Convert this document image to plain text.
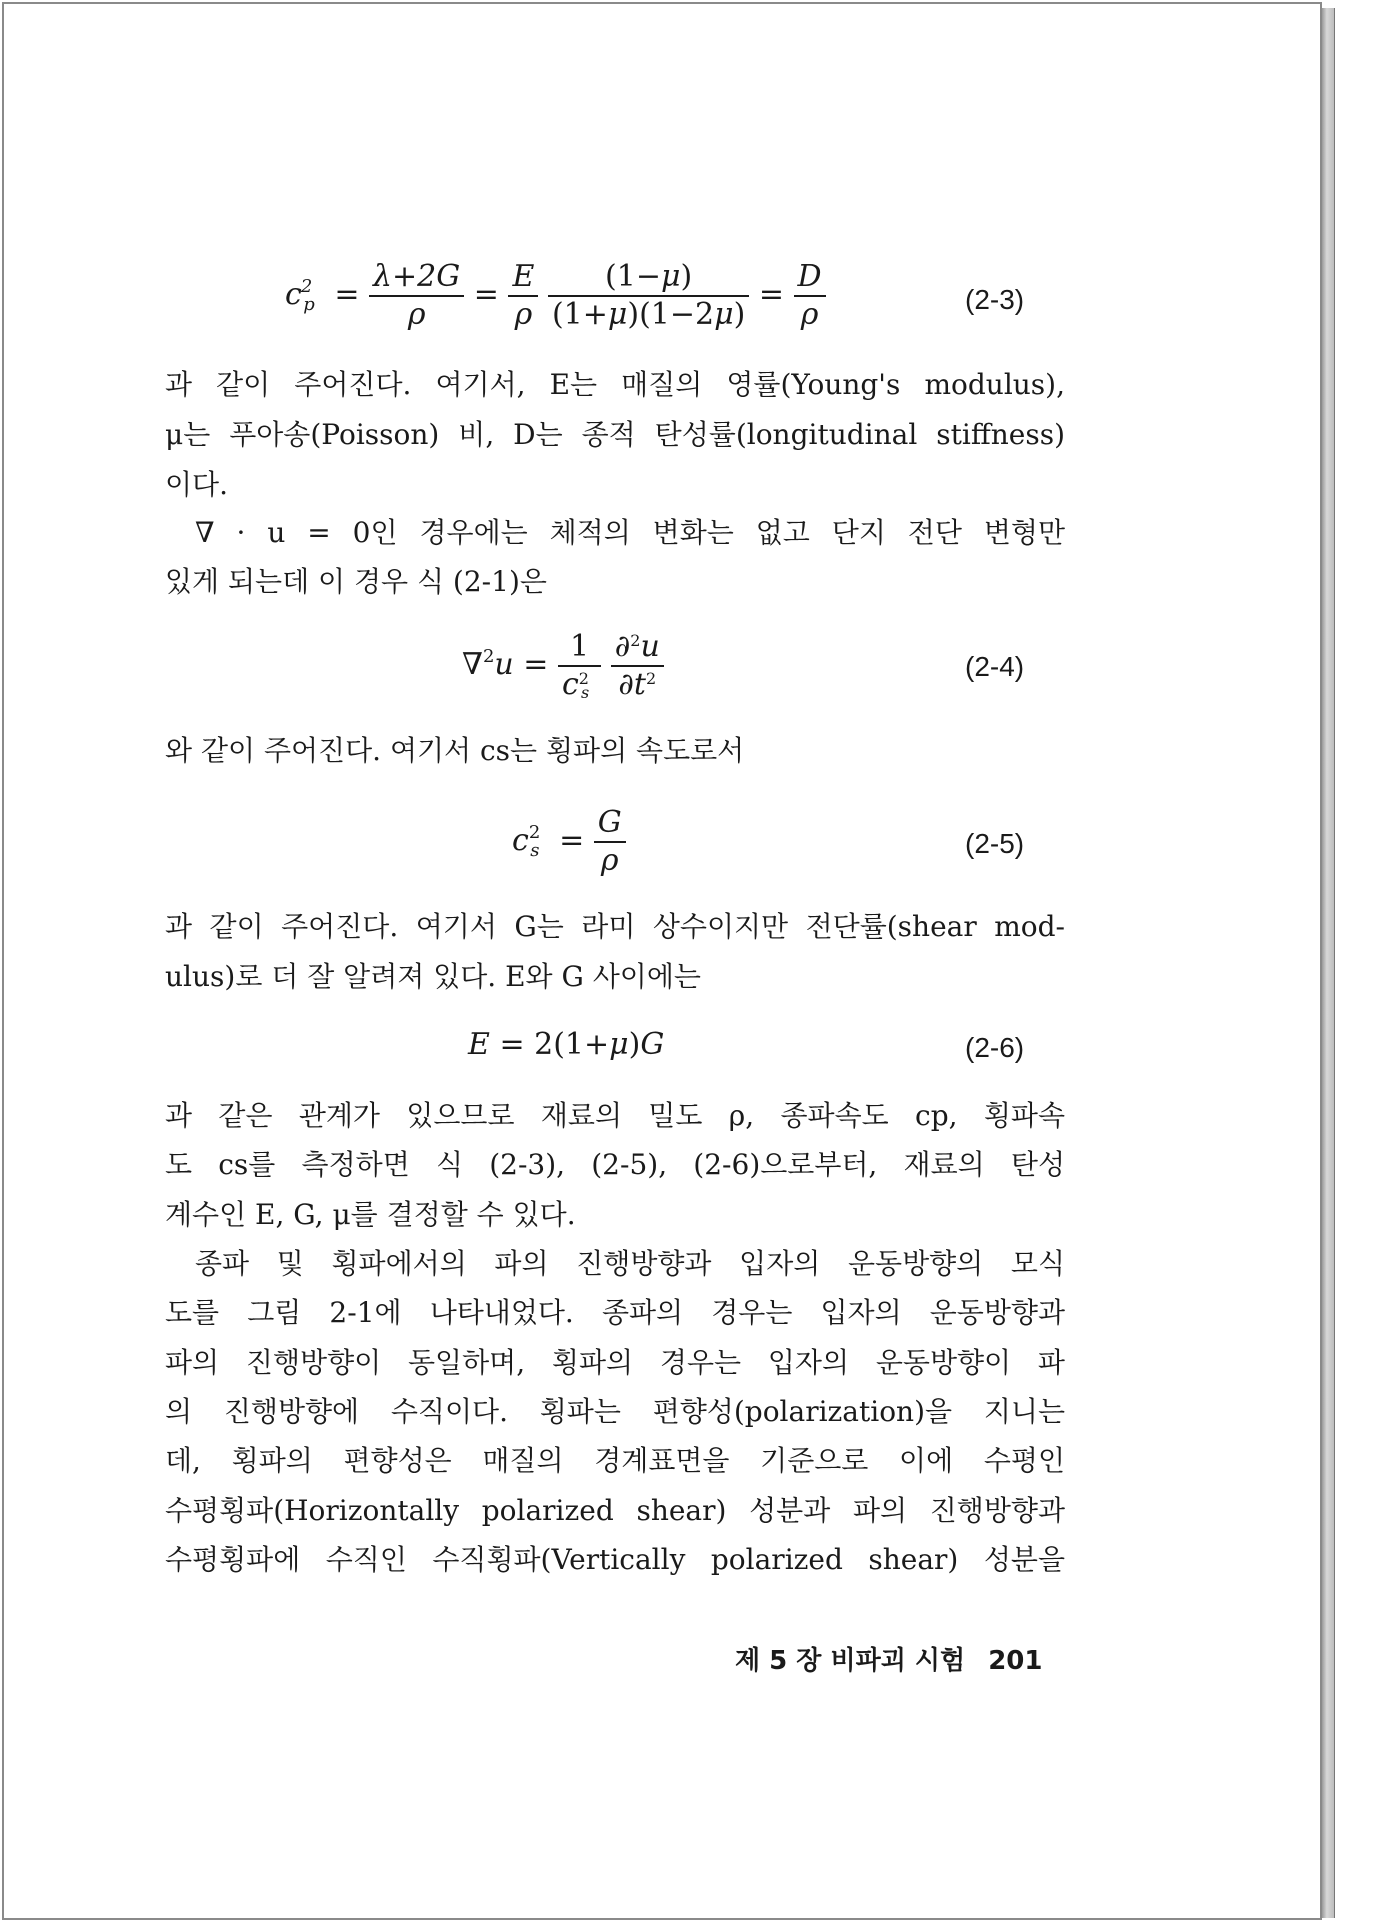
$c^2_p = \frac{\lambda+2G}{\rho} = \frac{E}{\rho}$
$\frac{(1-\mu)}{(1+\mu)(1-2\mu)} = \frac{D}{\rho}$	(2-3)
과 같이 주어진다. 여기서, E는 매질의 영률(Young's modulus),
μ는 푸아송(Poisson) 비, D는 종적 탄성률(longitudinal stiffness)
이다.
∇ · u = 0인 경우에는 체적의 변화는 없고 단지 전단 변형만
있게 되는데 이 경우 식 (2-1)은
$\nabla^2u = \frac{1}{c^2s}$
$\frac{\partial^2u}{\partial t^2}$	(2-4)
와 같이 주어진다. 여기서 cs는 횡파의 속도로서
$c^2_s = \frac{G}{\rho}$	(2-5)
과 같이 주어진다. 여기서 G는 라미 상수이지만 전단률(shear mod-
ulus)로 더 잘 알려져 있다. E와 G 사이에는
E = 2(1+μ)G	(2-6)
과 같은 관계가 있으므로 재료의 밀도 ρ, 종파속도 cp, 횡파속
도 cs를 측정하면 식 (2-3), (2-5), (2-6)으로부터, 재료의 탄성
계수인 E, G, μ를 결정할 수 있다.
종파 및 횡파에서의 파의 진행방향과 입자의 운동방향의 모식
도를 그림 2-1에 나타내었다. 종파의 경우는 입자의 운동방향과
파의 진행방향이 동일하며, 횡파의 경우는 입자의 운동방향이 파
의 진행방향에 수직이다. 횡파는 편향성(polarization)을 지니는
데, 횡파의 편향성은 매질의 경계표면을 기준으로 이에 수평인
수평횡파(Horizontally polarized shear) 성분과 파의 진행방향과
수평횡파에 수직인 수직횡파(Vertically polarized shear) 성분을
제 5 장 비파괴 시험 201
